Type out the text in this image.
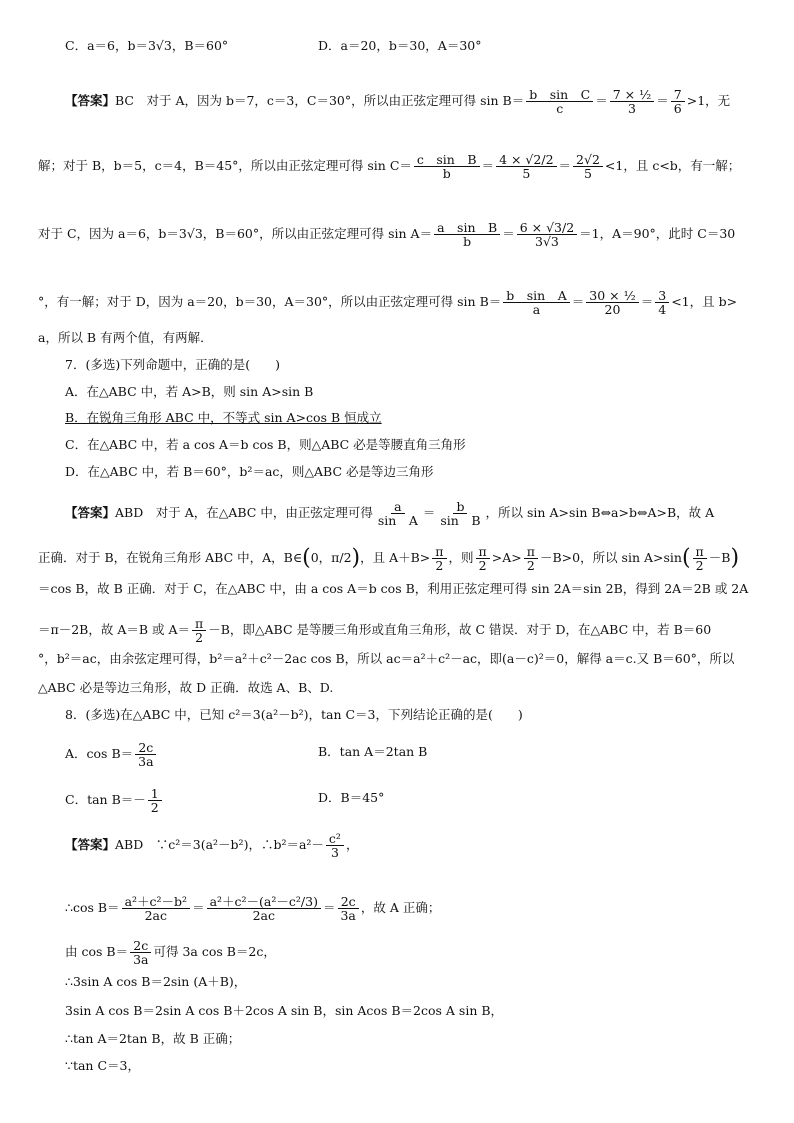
C．a＝6，b＝3√3，B＝60°	D．a＝20，b＝30，A＝30°
【答案】BC　对于 A，因为 b＝7，c＝3，C＝30°，所以由正弦定理可得 $\sin B= \frac{\text{b　sin　C}}{c} = \frac{\text{7 × ½}}{3} = \frac{7}{6} >1$，无
解；对于 B，b＝5，c＝4，B＝45°，所以由正弦定理可得 $\sin C= \frac{\text{c　sin　B}}{b} = \frac{4 \times √2/2}{5} = \frac{2√2}{5} <1$，且 c<b，有一解；
对于 C，因为 a＝6，b＝3√3，B＝60°，所以由正弦定理可得 $\sin A= \frac{\text{a　sin　B}}{b} = \frac{6 \times √3/2}{3√3} =1$，A＝90°，此时 C＝30
°，有一解；对于 D，因为 a＝20，b＝30，A＝30°，所以由正弦定理可得 $\sin B= \frac{\text{b　sin　A}}{a} = \frac{\text{30 × ½}}{20} = \frac{3}{4} <1$，且 b>
a，所以 B 有两个值，有两解．
7．(多选)下列命题中，正确的是(　　)
A．在△ABC 中，若 A>B，则 sin A>sin B
B．在锐角三角形 ABC 中，不等式 sin A>cos B 恒成立
C．在△ABC 中，若 a cos A＝b cos B，则△ABC 必是等腰直角三角形
D．在△ABC 中，若 B＝60°，b²＝ac，则△ABC 必是等边三角形
【答案】ABD　对于 A，在△ABC 中，由正弦定理可得 $\frac{a}{\text{sin　A}} = \frac{b}{\text{sin　B}}$ ，所以 sin A>sin B⇔a>b⇔A>B，故 A
正确．对于 B，在锐角三角形 ABC 中，A，B∈(0，π/2)，且 $A+B> \frac{\pi}{2}$ ，则 $\frac{\pi}{2} >A> \frac{\pi}{2} -B>0$，所以 $\sin A>\sin( \frac{\pi}{2} -B)$
＝cos B，故 B 正确．对于 C，在△ABC 中，由 a cos A＝b cos B，利用正弦定理可得 sin 2A＝sin 2B，得到 2A＝2B 或 2A
＝π－2B，故 A＝B 或 $A= \frac{\pi}{2} -B$，即△ABC 是等腰三角形或直角三角形，故 C 错误．对于 D，在△ABC 中，若 B＝60
°，b²＝ac，由余弦定理可得，b²＝a²＋c²－2ac cos B，所以 ac＝a²＋c²－ac，即(a－c)²＝0，解得 a＝c.又 B＝60°，所以
△ABC 必是等边三角形，故 D 正确．故选 A、B、D.
8．(多选)在△ABC 中，已知 c²＝3(a²－b²)，tan C＝3，下列结论正确的是(　　)
A．$\cos B= \frac{2c}{3a}$	B．tan A＝2tan B
C．$\tan B=- \frac{1}{2}$	D．B＝45°
【答案】ABD　∵c²＝3(a²－b²)，∴b²＝a²－ $\frac{\text{c²}}{3}$ ，
∴cos $B= \frac{\text{a²＋c²－b²}}{2ac} = \frac{\text{a²＋c²－(a²－c²/3)}}{2ac} = \frac{2c}{3a}$ ，故 A 正确；
由 $\cos B= \frac{2c}{3a}$ 可得 3a cos B＝2c，
∴3sin A cos B＝2sin (A＋B)，
3sin A cos B＝2sin A cos B＋2cos A sin B，sin Acos B＝2cos A sin B，
∴tan A＝2tan B，故 B 正确；
∵tan C＝3，
